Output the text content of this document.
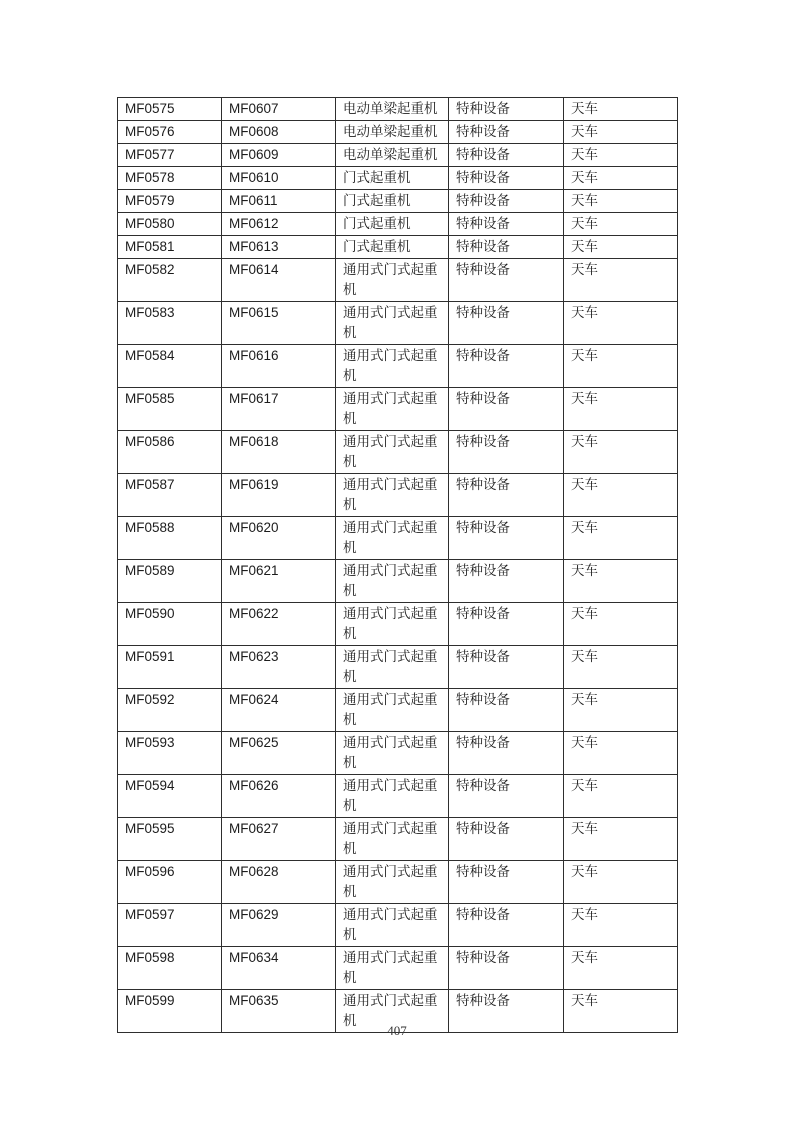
MF0575	MF0607	电动单梁起重机	特种设备	天车
MF0576	MF0608	电动单梁起重机	特种设备	天车
MF0577	MF0609	电动单梁起重机	特种设备	天车
MF0578	MF0610	门式起重机	特种设备	天车
MF0579	MF0611	门式起重机	特种设备	天车
MF0580	MF0612	门式起重机	特种设备	天车
MF0581	MF0613	门式起重机	特种设备	天车
MF0582	MF0614	通用式门式起重机	特种设备	天车
MF0583	MF0615	通用式门式起重机	特种设备	天车
MF0584	MF0616	通用式门式起重机	特种设备	天车
MF0585	MF0617	通用式门式起重机	特种设备	天车
MF0586	MF0618	通用式门式起重机	特种设备	天车
MF0587	MF0619	通用式门式起重机	特种设备	天车
MF0588	MF0620	通用式门式起重机	特种设备	天车
MF0589	MF0621	通用式门式起重机	特种设备	天车
MF0590	MF0622	通用式门式起重机	特种设备	天车
MF0591	MF0623	通用式门式起重机	特种设备	天车
MF0592	MF0624	通用式门式起重机	特种设备	天车
MF0593	MF0625	通用式门式起重机	特种设备	天车
MF0594	MF0626	通用式门式起重机	特种设备	天车
MF0595	MF0627	通用式门式起重机	特种设备	天车
MF0596	MF0628	通用式门式起重机	特种设备	天车
MF0597	MF0629	通用式门式起重机	特种设备	天车
MF0598	MF0634	通用式门式起重机	特种设备	天车
MF0599	MF0635	通用式门式起重机	特种设备	天车
407
